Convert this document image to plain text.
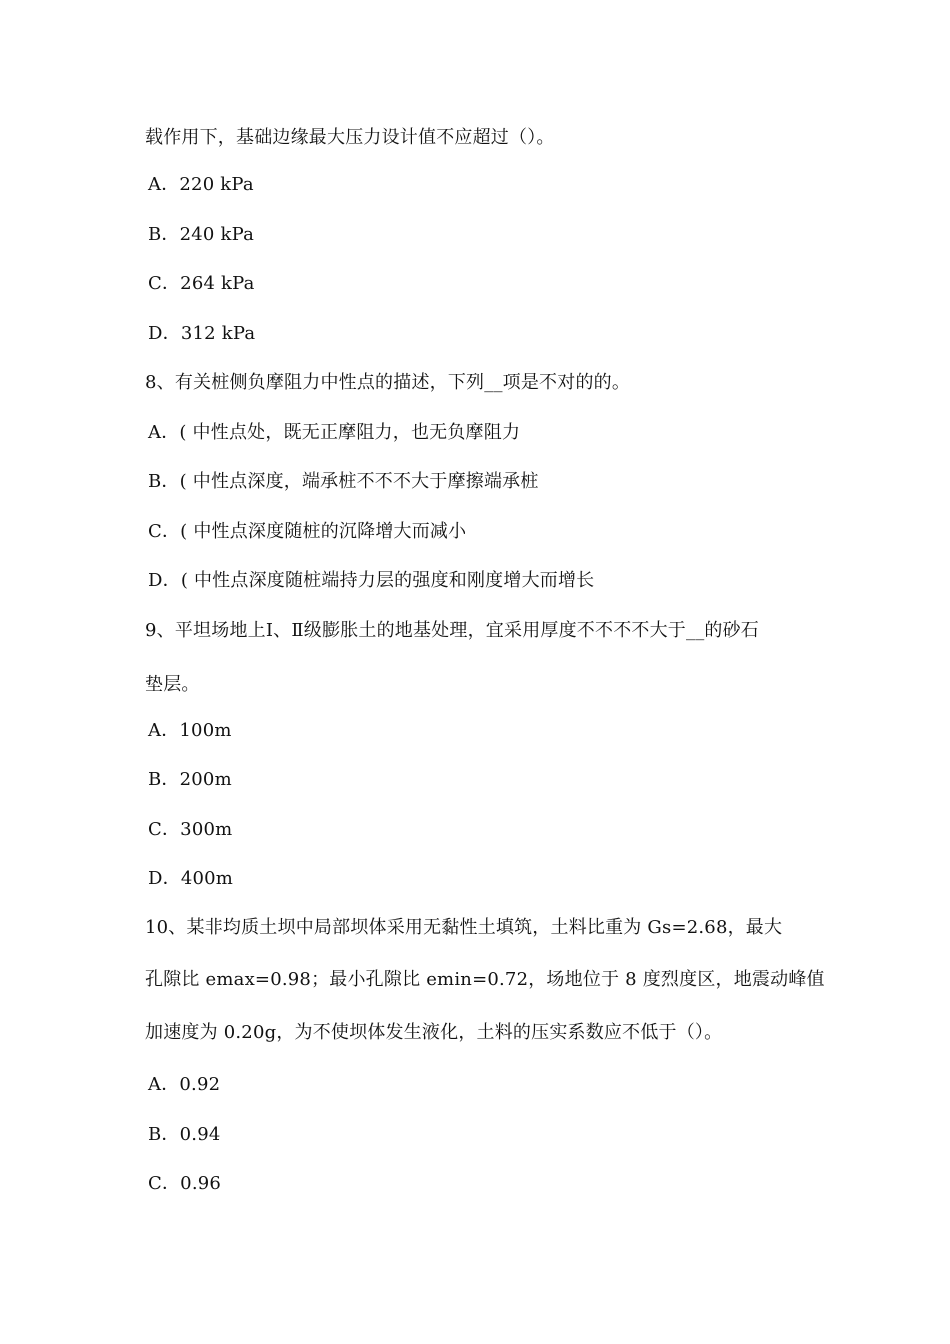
载作用下，基础边缘最大压力设计值不应超过（）。
A．220 kPa
B．240 kPa
C．264 kPa
D．312 kPa
8、有关桩侧负摩阻力中性点的描述，下列__项是不对的的。
A．( 中性点处，既无正摩阻力，也无负摩阻力
B．( 中性点深度，端承桩不不不大于摩擦端承桩
C．( 中性点深度随桩的沉降增大而减小
D．( 中性点深度随桩端持力层的强度和刚度增大而增长
9、平坦场地上Ⅰ、Ⅱ级膨胀土的地基处理，宜采用厚度不不不不大于__的砂石
垫层。
A．100m
B．200m
C．300m
D．400m
10、某非均质土坝中局部坝体采用无黏性土填筑，土料比重为 Gs=2.68，最大
孔隙比 emax=0.98；最小孔隙比 emin=0.72，场地位于 8 度烈度区，地震动峰值
加速度为 0.20g，为不使坝体发生液化，土料的压实系数应不低于（）。
A．0.92
B．0.94
C．0.96
